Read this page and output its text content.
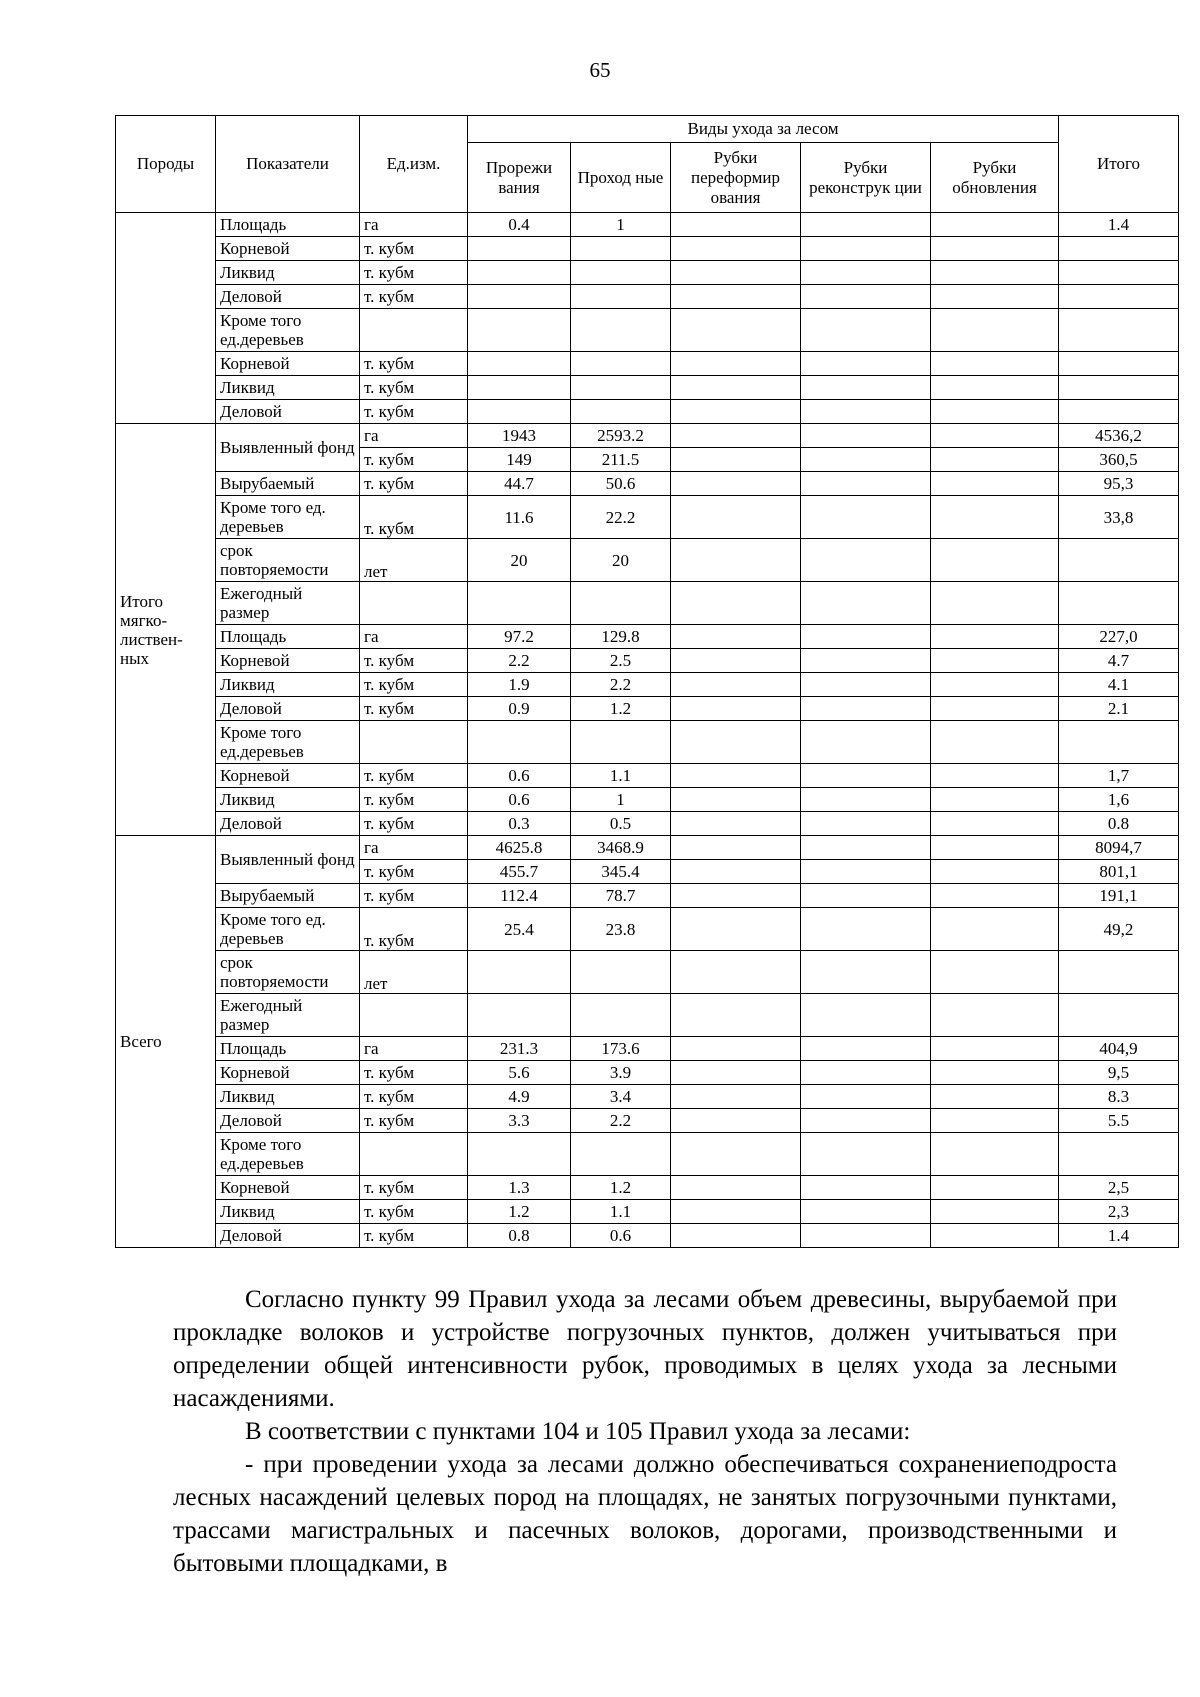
65
Породы	Показатели	Ед.изм.	Виды ухода за лесом					Итого
			Прорежи вания	Проход ные	Рубки переформир ования	Рубки реконструк ции	Рубки обновления	
	Площадь	га	0.4	1				1.4
	Корневой	т. кубм						
	Ликвид	т. кубм						
	Деловой	т. кубм						
	Кроме того ед.деревьев							
	Корневой	т. кубм						
	Ликвид	т. кубм						
	Деловой	т. кубм						
Итого мягко-листвен-ных	Выявленный фонд	га	1943	2593.2				4536,2
		т. кубм	149	211.5				360,5
	Вырубаемый	т. кубм	44.7	50.6				95,3
	Кроме того ед. деревьев	т. кубм	11.6	22.2				33,8
	срок повторяемости	лет	20	20				
	Ежегодный размер							
	Площадь	га	97.2	129.8				227,0
	Корневой	т. кубм	2.2	2.5				4.7
	Ликвид	т. кубм	1.9	2.2				4.1
	Деловой	т. кубм	0.9	1.2				2.1
	Кроме того ед.деревьев							
	Корневой	т. кубм	0.6	1.1				1,7
	Ликвид	т. кубм	0.6	1				1,6
	Деловой	т. кубм	0.3	0.5				0.8
Всего	Выявленный фонд	га	4625.8	3468.9				8094,7
		т. кубм	455.7	345.4				801,1
	Вырубаемый	т. кубм	112.4	78.7				191,1
	Кроме того ед. деревьев	т. кубм	25.4	23.8				49,2
	срок повторяемости	лет						
	Ежегодный размер							
	Площадь	га	231.3	173.6				404,9
	Корневой	т. кубм	5.6	3.9				9,5
	Ликвид	т. кубм	4.9	3.4				8.3
	Деловой	т. кубм	3.3	2.2				5.5
	Кроме того ед.деревьев							
	Корневой	т. кубм	1.3	1.2				2,5
	Ликвид	т. кубм	1.2	1.1				2,3
	Деловой	т. кубм	0.8	0.6				1.4

Согласно пункту 99 Правил ухода за лесами объем древесины, вырубаемой при прокладке волоков и устройстве погрузочных пунктов, должен учитываться при определении общей интенсивности рубок, проводимых в целях ухода за лесными насаждениями.

В соответствии с пунктами 104 и 105 Правил ухода за лесами:

- при проведении ухода за лесами должно обеспечиваться сохранениеподроста лесных насаждений целевых пород на площадях, не занятых погрузочными пунктами, трассами магистральных и пасечных волоков, дорогами, производственными и бытовыми площадками, в
